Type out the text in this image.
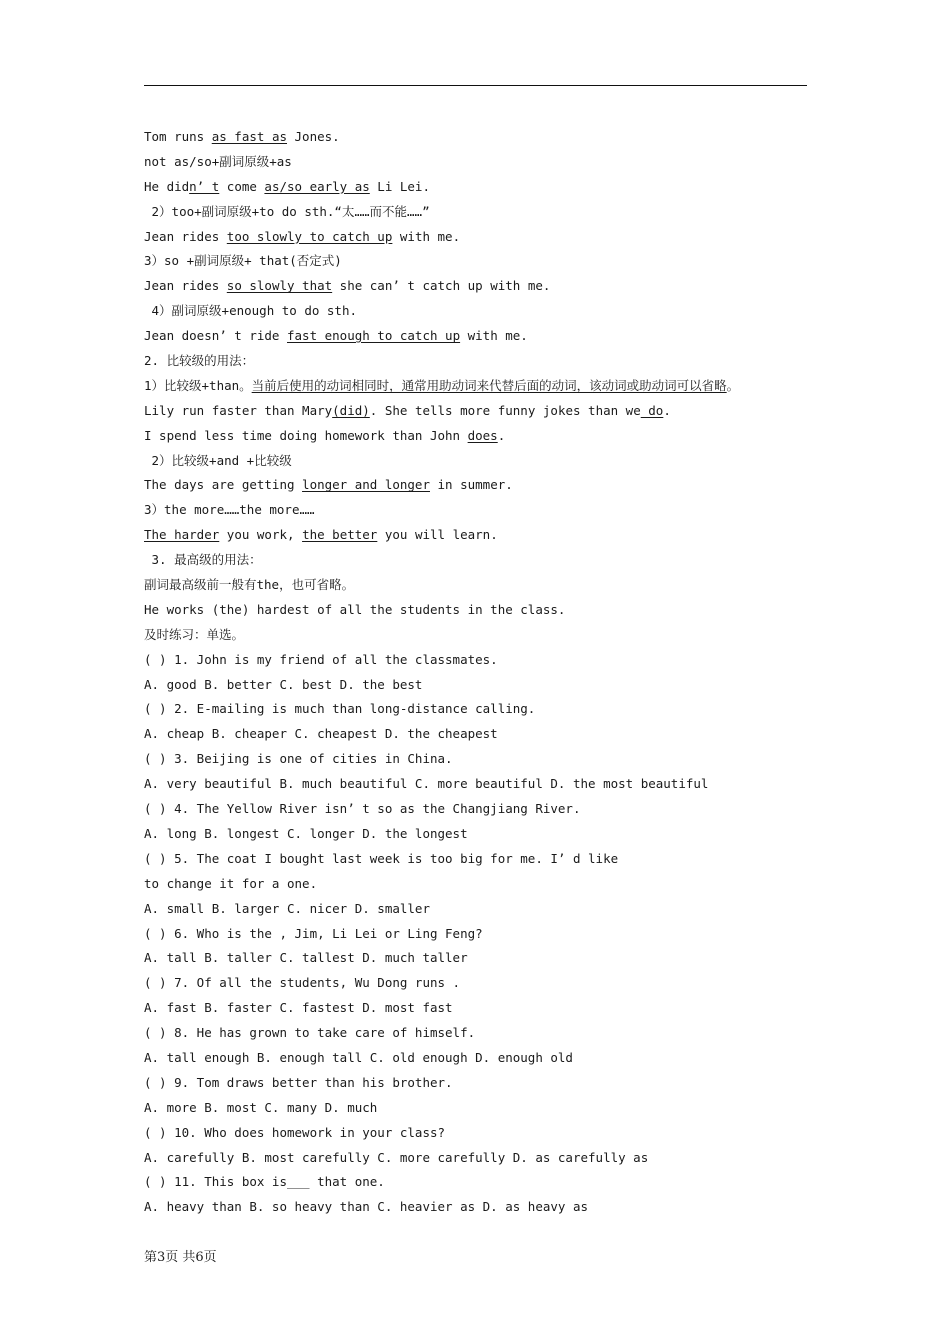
Tom runs as fast as Jones.
not as/so+副词原级+as
He didn’ t come as/so early as Li Lei.
2）too+副词原级+to do sth.“太……而不能……”
Jean rides too slowly to catch up with me.
3）so +副词原级+ that(否定式)
Jean rides so slowly that she can’ t catch up with me.
4）副词原级+enough to do sth.
Jean doesn’ t ride fast enough to catch up with me.
2. 比较级的用法：
1）比较级+than。当前后使用的动词相同时，通常用助动词来代替后面的动词，该动词或助动词可以省略。
Lily run faster than Mary(did). She tells more funny jokes than we do.
I spend less time doing homework than John does.
2）比较级+and +比较级
The days are getting longer and longer in summer.
3）the more……the more……
The harder you work, the better you will learn.
3. 最高级的用法：
副词最高级前一般有the，也可省略。
He works (the) hardest of all the students in the class.
及时练习：单选。
( ) 1. John is my friend of all the classmates.
A. good B. better C. best D. the best
( ) 2. E-mailing is much than long-distance calling.
A. cheap B. cheaper C. cheapest D. the cheapest
( ) 3. Beijing is one of cities in China.
A. very beautiful B. much beautiful C. more beautiful D. the most beautiful
( ) 4. The Yellow River isn’ t so as the Changjiang River.
A. long B. longest C. longer D. the longest
( ) 5. The coat I bought last week is too big for me. I’ d like
to change it for a one.
A. small B. larger C. nicer D. smaller
( ) 6. Who is the , Jim, Li Lei or Ling Feng?
A. tall B. taller C. tallest D. much taller
( ) 7. Of all the students, Wu Dong runs .
A. fast B. faster C. fastest D. most fast
( ) 8. He has grown to take care of himself.
A. tall enough B. enough tall C. old enough D. enough old
( ) 9. Tom draws better than his brother.
A. more B. most C. many D. much
( ) 10. Who does homework in your class?
A. carefully B. most carefully C. more carefully D. as carefully as
( ) 11. This box is___ that one.
A. heavy than B. so heavy than C. heavier as D. as heavy as
第3页 共6页
